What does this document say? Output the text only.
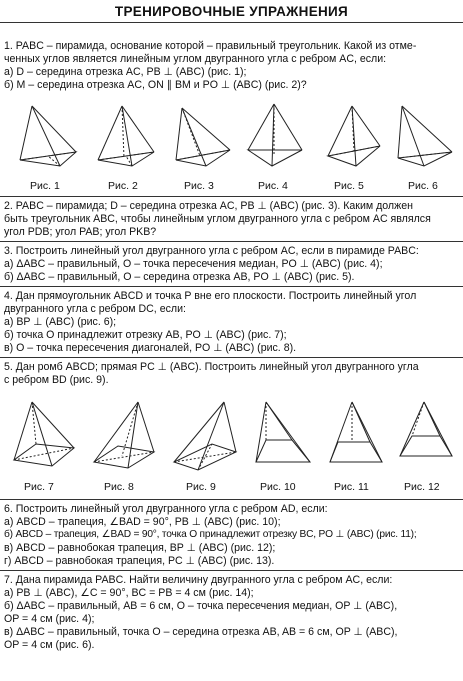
ТРЕНИРОВОЧНЫЕ УПРАЖНЕНИЯ
1. PABC – пирамида, основание которой – правильный треугольник. Какой из отме-
ченных углов является линейным углом двугранного угла с ребром AC, если:
а) D – середина отрезка AC, PB ⊥ (ABC) (рис. 1);
б) M – середина отрезка AC, ON ∥ BM и PO ⊥ (ABC) (рис. 2)?
Рис. 1	Рис. 2	Рис. 3	Рис. 4	Рис. 5	Рис. 6
2. PABC – пирамида; D – середина отрезка AC, PB ⊥ (ABC) (рис. 3). Каким должен
быть треугольник ABC, чтобы линейным углом двугранного угла с ребром AC являлся
угол PDB; угол PAB; угол PKB?
3. Построить линейный угол двугранного угла с ребром AC, если в пирамиде PABC:
а) ΔABC – правильный, O – точка пересечения медиан, PO ⊥ (ABC) (рис. 4);
б) ΔABC – правильный, O – середина отрезка AB, PO ⊥ (ABC) (рис. 5).
4. Дан прямоугольник ABCD и точка P вне его плоскости. Построить линейный угол
двугранного угла с ребром DC, если:
а) BP ⊥ (ABC) (рис. 6);
б) точка O принадлежит отрезку AB, PO ⊥ (ABC) (рис. 7);
в) O – точка пересечения диагоналей, PO ⊥ (ABC) (рис. 8).
5. Дан ромб ABCD; прямая PC ⊥ (ABC). Построить линейный угол двугранного угла
с ребром BD (рис. 9).
Рис. 7	Рис. 8	Рис. 9	Рис. 10	Рис. 11	Рис. 12
6. Построить линейный угол двугранного угла с ребром AD, если:
а) ABCD – трапеция, ∠BAD = 90°, PB ⊥ (ABC) (рис. 10);
б) ABCD – трапеция, ∠BAD = 90°, точка O принадлежит отрезку BC, PO ⊥ (ABC) (рис. 11);
в) ABCD – равнобокая трапеция, BP ⊥ (ABC) (рис. 12);
г) ABCD – равнобокая трапеция, PC ⊥ (ABC) (рис. 13).
7. Дана пирамида PABC. Найти величину двугранного угла с ребром AC, если:
а) PB ⊥ (ABC), ∠C = 90°, BC = PB = 4 см (рис. 14);
б) ΔABC – правильный, AB = 6 см, O – точка пересечения медиан, OP ⊥ (ABC),
OP = 4 см (рис. 4);
в) ΔABC – правильный, точка O – середина отрезка AB, AB = 6 см, OP ⊥ (ABC),
OP = 4 см (рис. 6).
